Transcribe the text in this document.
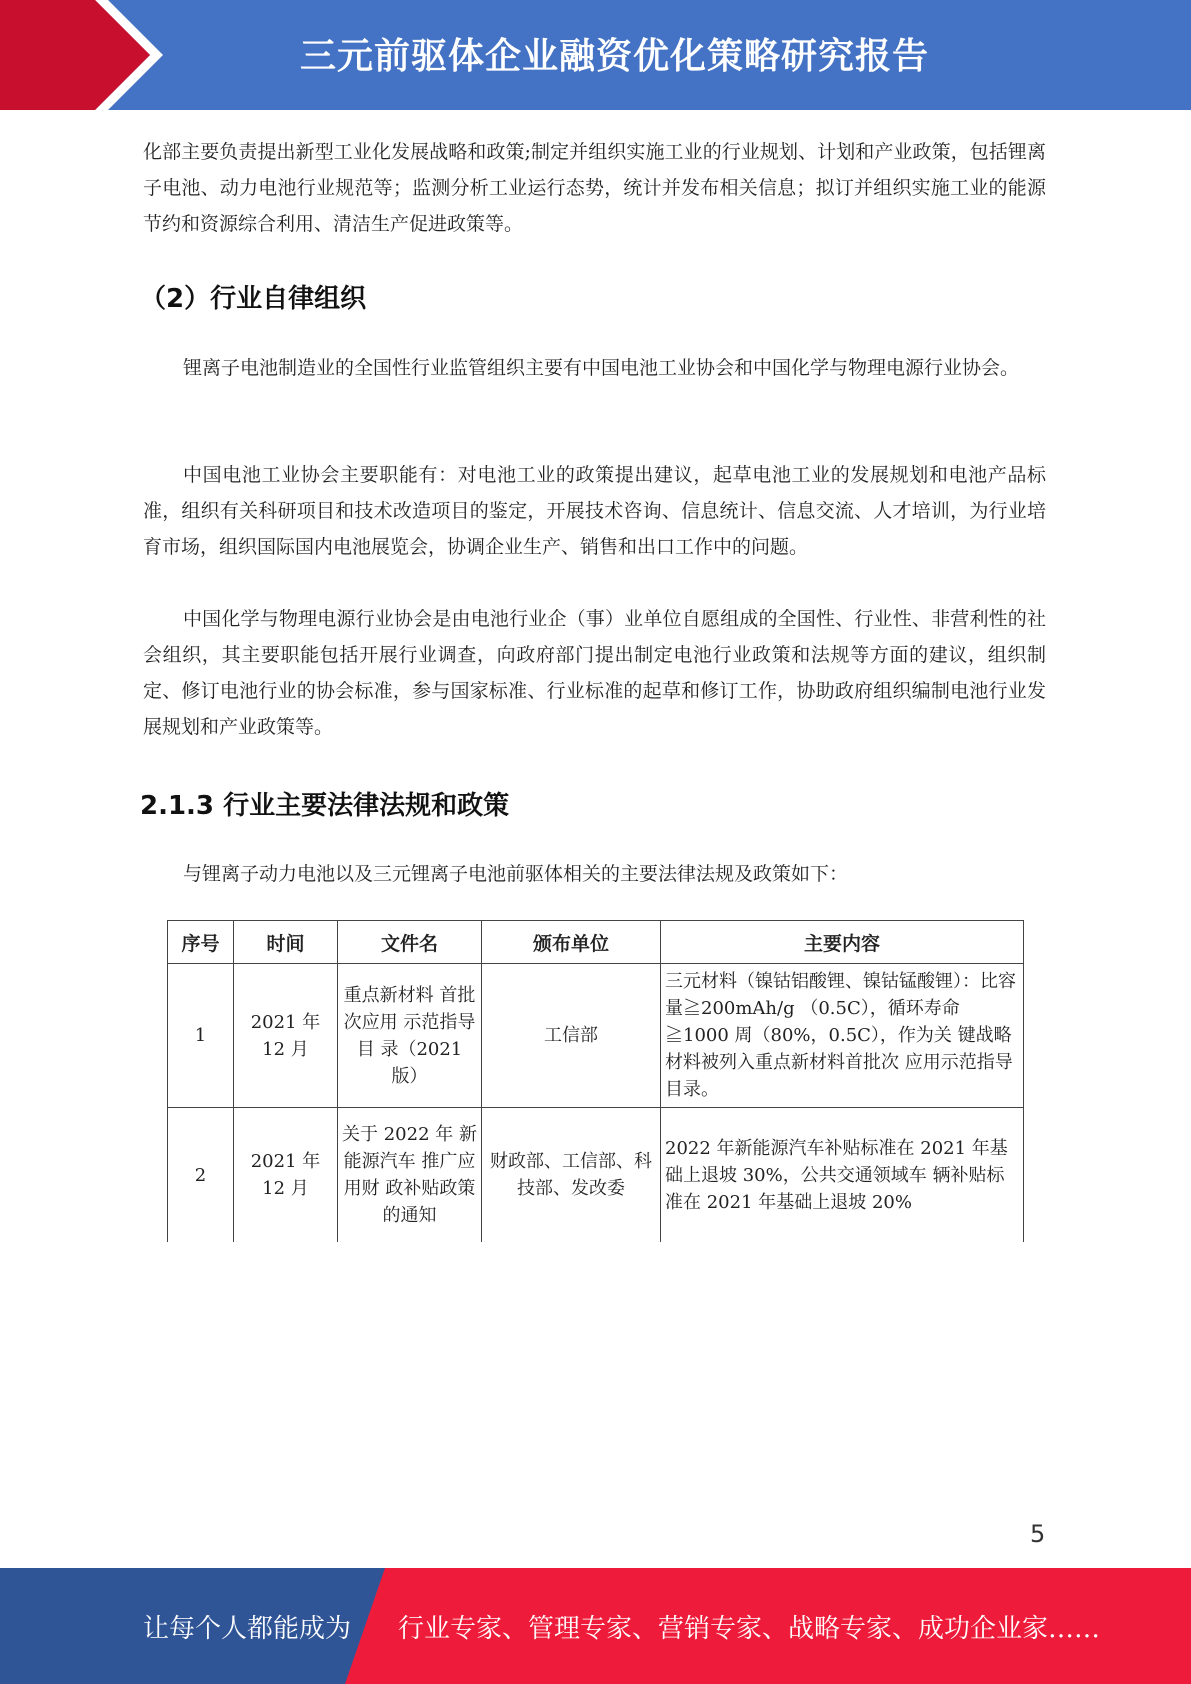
三元前驱体企业融资优化策略研究报告

化部主要负责提出新型工业化发展战略和政策;制定并组织实施工业的行业规划、计划和产业政策，包括锂离子电池、动力电池行业规范等；监测分析工业运行态势，统计并发布相关信息；拟订并组织实施工业的能源节约和资源综合利用、清洁生产促进政策等。

（2）行业自律组织

锂离子电池制造业的全国性行业监管组织主要有中国电池工业协会和中国化学与物理电源行业协会。

中国电池工业协会主要职能有：对电池工业的政策提出建议，起草电池工业的发展规划和电池产品标准，组织有关科研项目和技术改造项目的鉴定，开展技术咨询、信息统计、信息交流、人才培训，为行业培育市场，组织国际国内电池展览会，协调企业生产、销售和出口工作中的问题。

中国化学与物理电源行业协会是由电池行业企（事）业单位自愿组成的全国性、行业性、非营利性的社会组织，其主要职能包括开展行业调查，向政府部门提出制定电池行业政策和法规等方面的建议，组织制定、修订电池行业的协会标准，参与国家标准、行业标准的起草和修订工作，协助政府组织编制电池行业发展规划和产业政策等。

2.1.3 行业主要法律法规和政策

与锂离子动力电池以及三元锂离子电池前驱体相关的主要法律法规及政策如下：

序号	时间	文件名	颁布单位	主要内容
1	2021 年 12 月	重点新材料 首批次应用 示范指导目 录（2021 版）	工信部	三元材料（镍钴铝酸锂、镍钴锰酸锂）：比容量≧200mAh/g （0.5C），循环寿命≧1000 周（80%，0.5C），作为关 键战略材料被列入重点新材料首批次 应用示范指导目录。
2	2021 年 12 月	关于 2022 年 新能源汽车 推广应用财 政补贴政策 的通知	财政部、工信部、科技部、发改委	2022 年新能源汽车补贴标准在 2021 年基础上退坡 30%，公共交通领域车 辆补贴标准在 2021 年基础上退坡 20%
5
让每个人都能成为 行业专家、管理专家、营销专家、战略专家、成功企业家……
